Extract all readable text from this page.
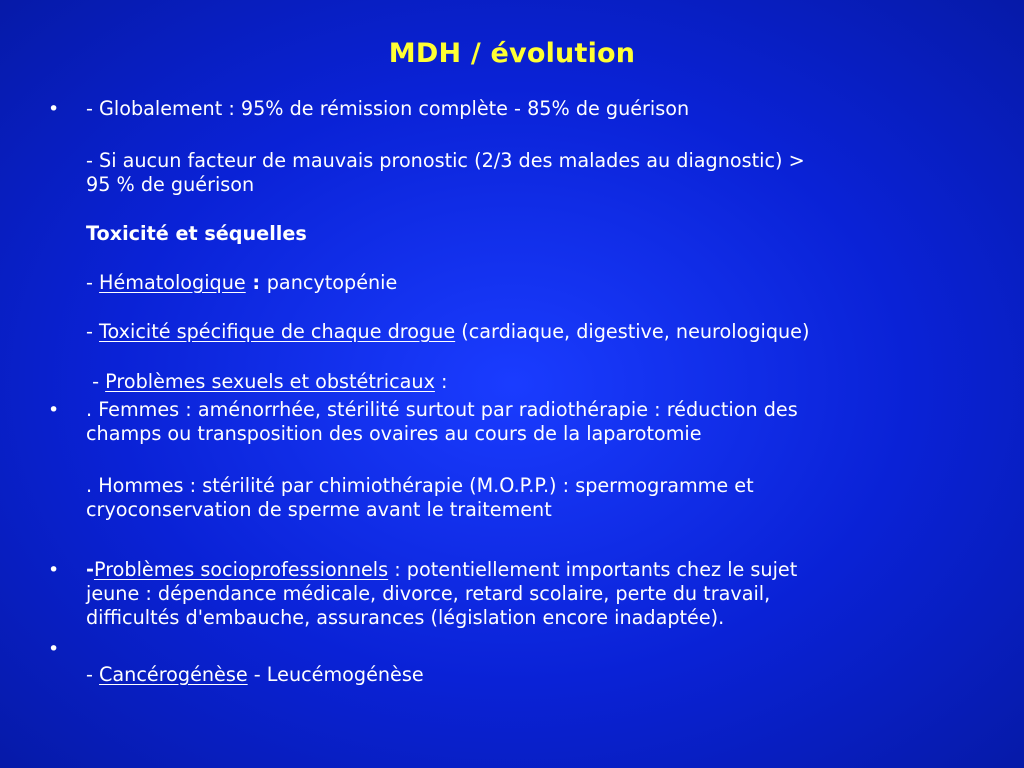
MDH / évolution
•
•
•
•
- Globalement : 95% de rémission complète - 85% de guérison
- Si aucun facteur de mauvais pronostic (2/3 des malades au diagnostic) >
95 % de guérison
Toxicité et séquelles
- Hématologique : pancytopénie
- Toxicité spécifique de chaque drogue (cardiaque, digestive, neurologique)
- Problèmes sexuels et obstétricaux :
. Femmes : aménorrhée, stérilité surtout par radiothérapie : réduction des
champs ou transposition des ovaires au cours de la laparotomie
. Hommes : stérilité par chimiothérapie (M.O.P.P.) : spermogramme et
cryoconservation de sperme avant le traitement
-Problèmes socioprofessionnels : potentiellement importants chez le sujet
jeune : dépendance médicale, divorce, retard scolaire, perte du travail,
difficultés d'embauche, assurances (législation encore inadaptée).
- Cancérogénèse - Leucémogénèse
